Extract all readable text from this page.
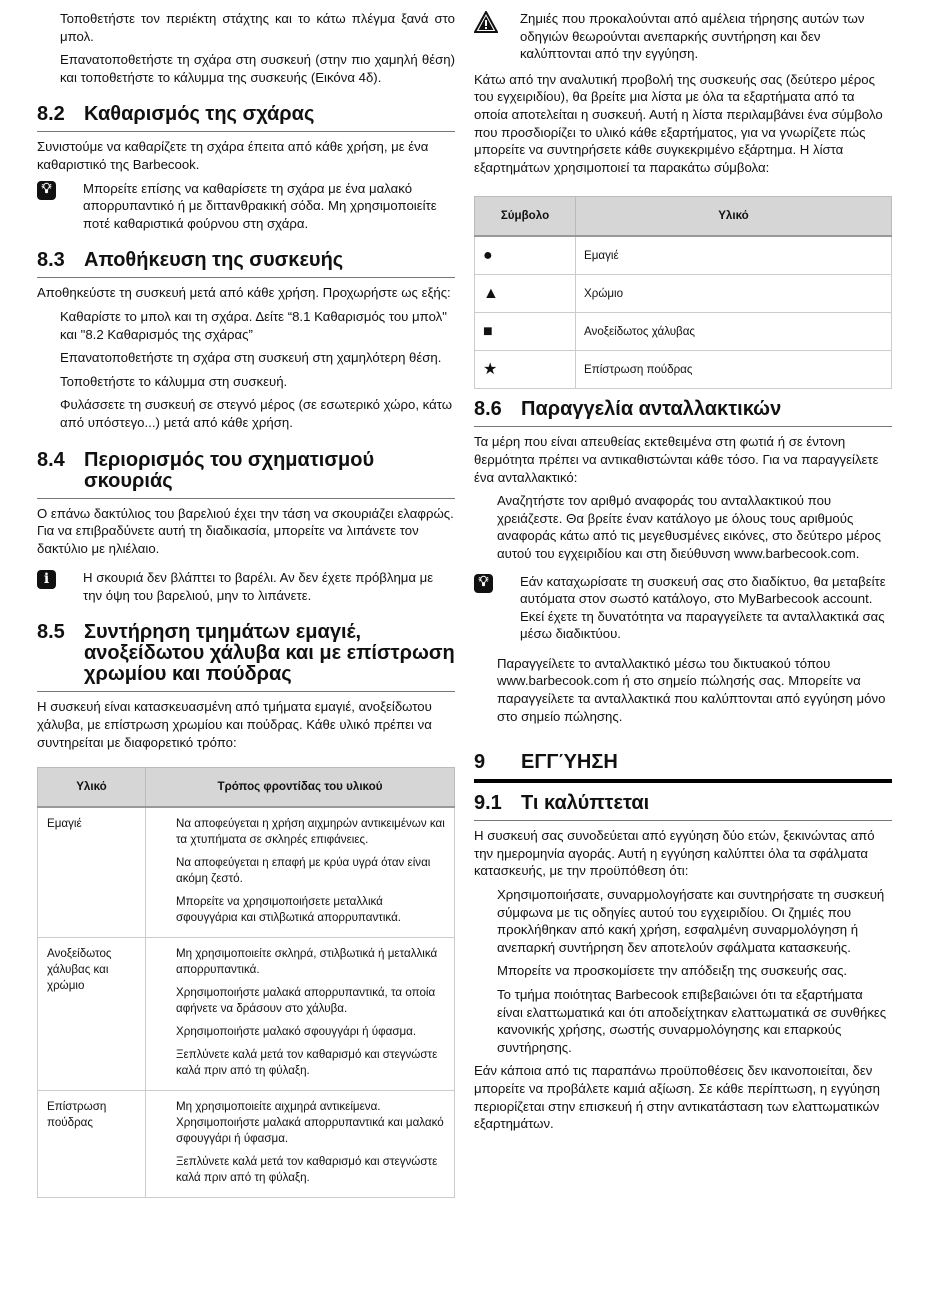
Τοποθετήστε τον περιέκτη στάχτης και το κάτω πλέγμα ξανά στο μπολ.

Επανατοποθετήστε τη σχάρα στη συσκευή (στην πιο χαμηλή θέση) και τοποθετήστε το κάλυμμα της συσκευής (Εικόνα 4δ).

8.2 Καθαρισμός της σχάρας

Συνιστούμε να καθαρίζετε τη σχάρα έπειτα από κάθε χρήση, με ένα καθαριστικό της Barbecook.

💡︎	Μπορείτε επίσης να καθαρίσετε τη σχάρα με ένα μαλακό απορρυπαντικό ή με διττανθρακική σόδα. Μη χρησιμοποιείτε ποτέ καθαριστικά φούρνου στη σχάρα.
8.3 Αποθήκευση της συσκευής

Αποθηκεύστε τη συσκευή μετά από κάθε χρήση. Προχωρήστε ως εξής:

Καθαρίστε το μπολ και τη σχάρα. Δείτε “8.1 Καθαρισμός του μπολ" και "8.2 Καθαρισμός της σχάρας”

Επανατοποθετήστε τη σχάρα στη συσκευή στη χαμηλότερη θέση.

Τοποθετήστε το κάλυμμα στη συσκευή.

Φυλάσσετε τη συσκευή σε στεγνό μέρος (σε εσωτερικό χώρο, κάτω από υπόστεγο...) μετά από κάθε χρήση.

8.4 Περιορισμός του σχηματισμού σκουριάς

Ο επάνω δακτύλιος του βαρελιού έχει την τάση να σκουριάζει ελαφρώς. Για να επιβραδύνετε αυτή τη διαδικασία, μπορείτε να λιπάνετε τον δακτύλιο με ηλιέλαιο.

i	Η σκουριά δεν βλάπτει το βαρέλι. Αν δεν έχετε πρόβλημα με την όψη του βαρελιού, μην το λιπάνετε.
8.5 Συντήρηση τμημάτων εμαγιέ, ανοξείδωτου χάλυβα και με επίστρωση χρωμίου και πούδρας

Η συσκευή είναι κατασκευασμένη από τμήματα εμαγιέ, ανοξείδωτου χάλυβα, με επίστρωση χρωμίου και πούδρας. Κάθε υλικό πρέπει να συντηρείται με διαφορετικό τρόπο:

Υλικό	Τρόπος φροντίδας του υλικού
Εμαγιέ	Να αποφεύγεται η χρήση αιχμηρών αντικειμένων και τα χτυπήματα σε σκληρές επιφάνειες.

Να αποφεύγεται η επαφή με κρύα υγρά όταν είναι ακόμη ζεστό.

Μπορείτε να χρησιμοποιήσετε μεταλλικά σφουγγάρια και στιλβωτικά απορρυπαντικά.

Ανοξείδωτος χάλυβας και χρώμιο	Μη χρησιμοποιείτε σκληρά, στιλβωτικά ή μεταλλικά απορρυπαντικά.

Χρησιμοποιήστε μαλακά απορρυπαντικά, τα οποία αφήνετε να δράσουν στο χάλυβα.

Χρησιμοποιήστε μαλακό σφουγγάρι ή ύφασμα.

Ξεπλύνετε καλά μετά τον καθαρισμό και στεγνώστε καλά πριν από τη φύλαξη.

Επίστρωση πούδρας	Μη χρησιμοποιείτε αιχμηρά αντικείμενα. Χρησιμοποιήστε μαλακά απορρυπαντικά και μαλακό σφουγγάρι ή ύφασμα.

Ξεπλύνετε καλά μετά τον καθαρισμό και στεγνώστε καλά πριν από τη φύλαξη.

Ζημιές που προκαλούνται από αμέλεια τήρησης αυτών των οδηγιών θεωρούνται ανεπαρκής συντήρηση και δεν καλύπτονται από την εγγύηση.

Κάτω από την αναλυτική προβολή της συσκευής σας (δεύτερο μέρος του εγχειριδίου), θα βρείτε μια λίστα με όλα τα εξαρτήματα από τα οποία αποτελείται η συσκευή. Αυτή η λίστα περιλαμβάνει ένα σύμβολο που προσδιορίζει το υλικό κάθε εξαρτήματος, για να γνωρίζετε πώς μπορείτε να συντηρήσετε κάθε συγκεκριμένο εξάρτημα. Η λίστα εξαρτημάτων χρησιμοποιεί τα παρακάτω σύμβολα:

Σύμβολο	Υλικό
●	Εμαγιέ
▲	Χρώμιο
■	Ανοξείδωτος χάλυβας
★	Επίστρωση πούδρας
8.6 Παραγγελία ανταλλακτικών

Τα μέρη που είναι απευθείας εκτεθειμένα στη φωτιά ή σε έντονη θερμότητα πρέπει να αντικαθιστώνται κάθε τόσο. Για να παραγγείλετε ένα ανταλλακτικό:

Αναζητήστε τον αριθμό αναφοράς του ανταλλακτικού που χρειάζεστε. Θα βρείτε έναν κατάλογο με όλους τους αριθμούς αναφοράς κάτω από τις μεγεθυσμένες εικόνες, στο δεύτερο μέρος αυτού του εγχειριδίου και στη διεύθυνση www.barbecook.com.

💡︎	Εάν καταχωρίσατε τη συσκευή σας στο διαδίκτυο, θα μεταβείτε αυτόματα στον σωστό κατάλογο, στο MyBarbecook account. Εκεί έχετε τη δυνατότητα να παραγγείλετε τα ανταλλακτικά σας μέσω διαδικτύου.

Παραγγείλετε το ανταλλακτικό μέσω του δικτυακού τόπου www.barbecook.com ή στο σημείο πώλησής σας. Μπορείτε να παραγγείλετε τα ανταλλακτικά που καλύπτονται από εγγύηση μόνο στο σημείο πώλησης.

9	ΕΓΓΎΗΣΗ
9.1 Τι καλύπτεται

Η συσκευή σας συνοδεύεται από εγγύηση δύο ετών, ξεκινώντας από την ημερομηνία αγοράς. Αυτή η εγγύηση καλύπτει όλα τα σφάλματα κατασκευής, με την προϋπόθεση ότι:

Χρησιμοποιήσατε, συναρμολογήσατε και συντηρήσατε τη συσκευή σύμφωνα με τις οδηγίες αυτού του εγχειριδίου. Οι ζημιές που προκλήθηκαν από κακή χρήση, εσφαλμένη συναρμολόγηση ή ανεπαρκή συντήρηση δεν αποτελούν σφάλματα κατασκευής.

Μπορείτε να προσκομίσετε την απόδειξη της συσκευής σας.

Το τμήμα ποιότητας Barbecook επιβεβαιώνει ότι τα εξαρτήματα είναι ελαττωματικά και ότι αποδείχτηκαν ελαττωματικά σε συνθήκες κανονικής χρήσης, σωστής συναρμολόγησης και επαρκούς συντήρησης.

Εάν κάποια από τις παραπάνω προϋποθέσεις δεν ικανοποιείται, δεν μπορείτε να προβάλετε καμιά αξίωση. Σε κάθε περίπτωση, η εγγύηση περιορίζεται στην επισκευή ή στην αντικατάσταση των ελαττωματικών εξαρτημάτων.
